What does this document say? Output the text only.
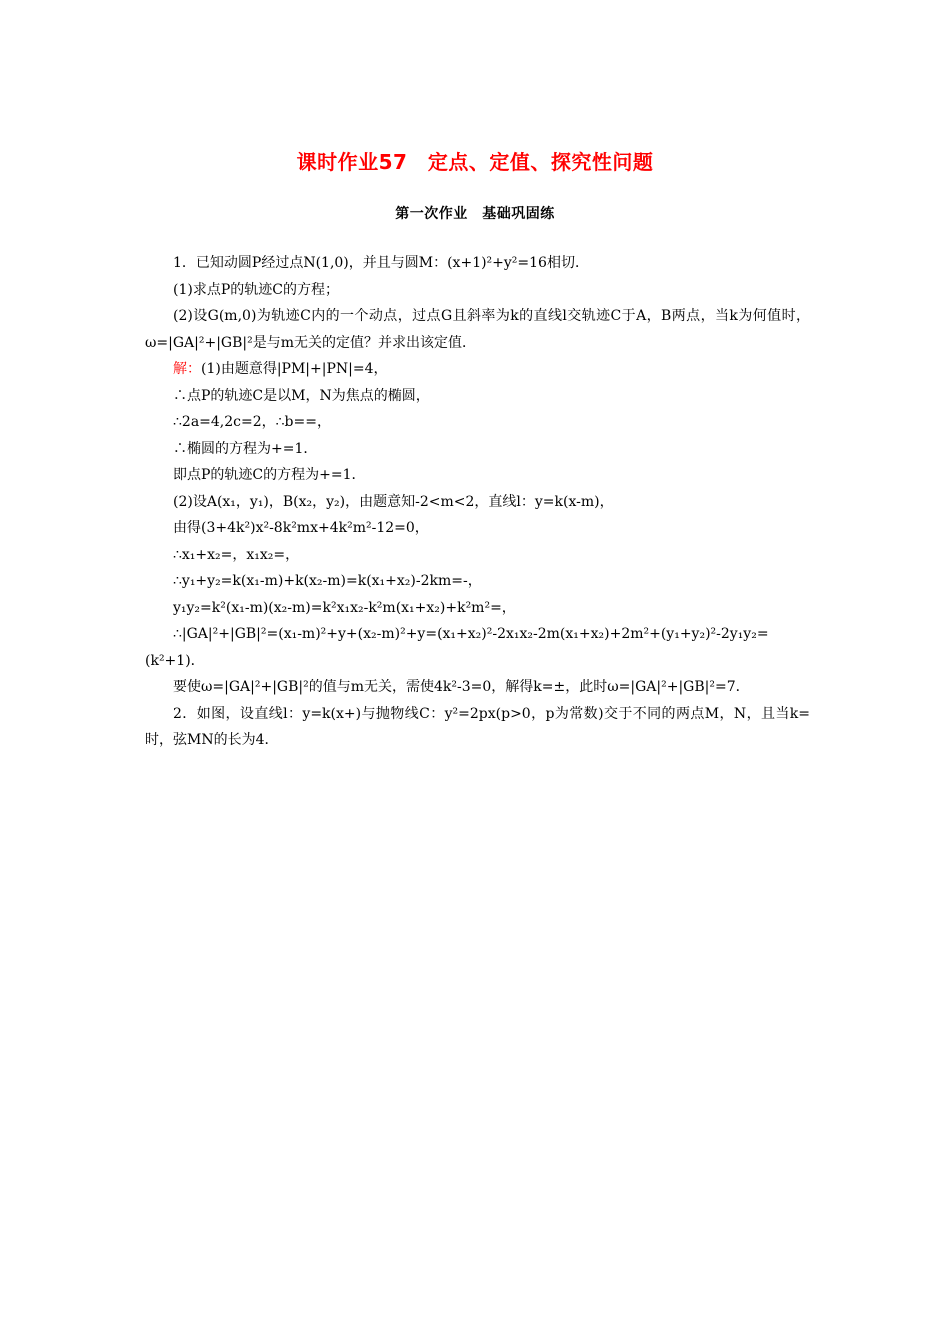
课时作业57　定点、定值、探究性问题
第一次作业　基础巩固练
1．已知动圆P经过点N(1,0)，并且与圆M：(x+1)²+y²=16相切．
(1)求点P的轨迹C的方程；
(2)设G(m,0)为轨迹C内的一个动点，过点G且斜率为k的直线l交轨迹C于A，B两点，当k为何值时，ω=|GA|²+|GB|²是与m无关的定值？并求出该定值．
解：(1)由题意得|PM|+|PN|=4，
∴点P的轨迹C是以M，N为焦点的椭圆，
∴2a=4,2c=2，∴b==，
∴椭圆的方程为+=1．
即点P的轨迹C的方程为+=1．
(2)设A(x₁，y₁)，B(x₂，y₂)，由题意知-2<m<2，直线l：y=k(x-m)，
由得(3+4k²)x²-8k²mx+4k²m²-12=0，
∴x₁+x₂=，x₁x₂=，
∴y₁+y₂=k(x₁-m)+k(x₂-m)=k(x₁+x₂)-2km=-，
y₁y₂=k²(x₁-m)(x₂-m)=k²x₁x₂-k²m(x₁+x₂)+k²m²=，
∴|GA|²+|GB|²=(x₁-m)²+y+(x₂-m)²+y=(x₁+x₂)²-2x₁x₂-2m(x₁+x₂)+2m²+(y₁+y₂)²-2y₁y₂=(k²+1)．
要使ω=|GA|²+|GB|²的值与m无关，需使4k²-3=0，解得k=±，此时ω=|GA|²+|GB|²=7．
2．如图，设直线l：y=k(x+)与抛物线C：y²=2px(p>0，p为常数)交于不同的两点M，N，且当k=时，弦MN的长为4．
